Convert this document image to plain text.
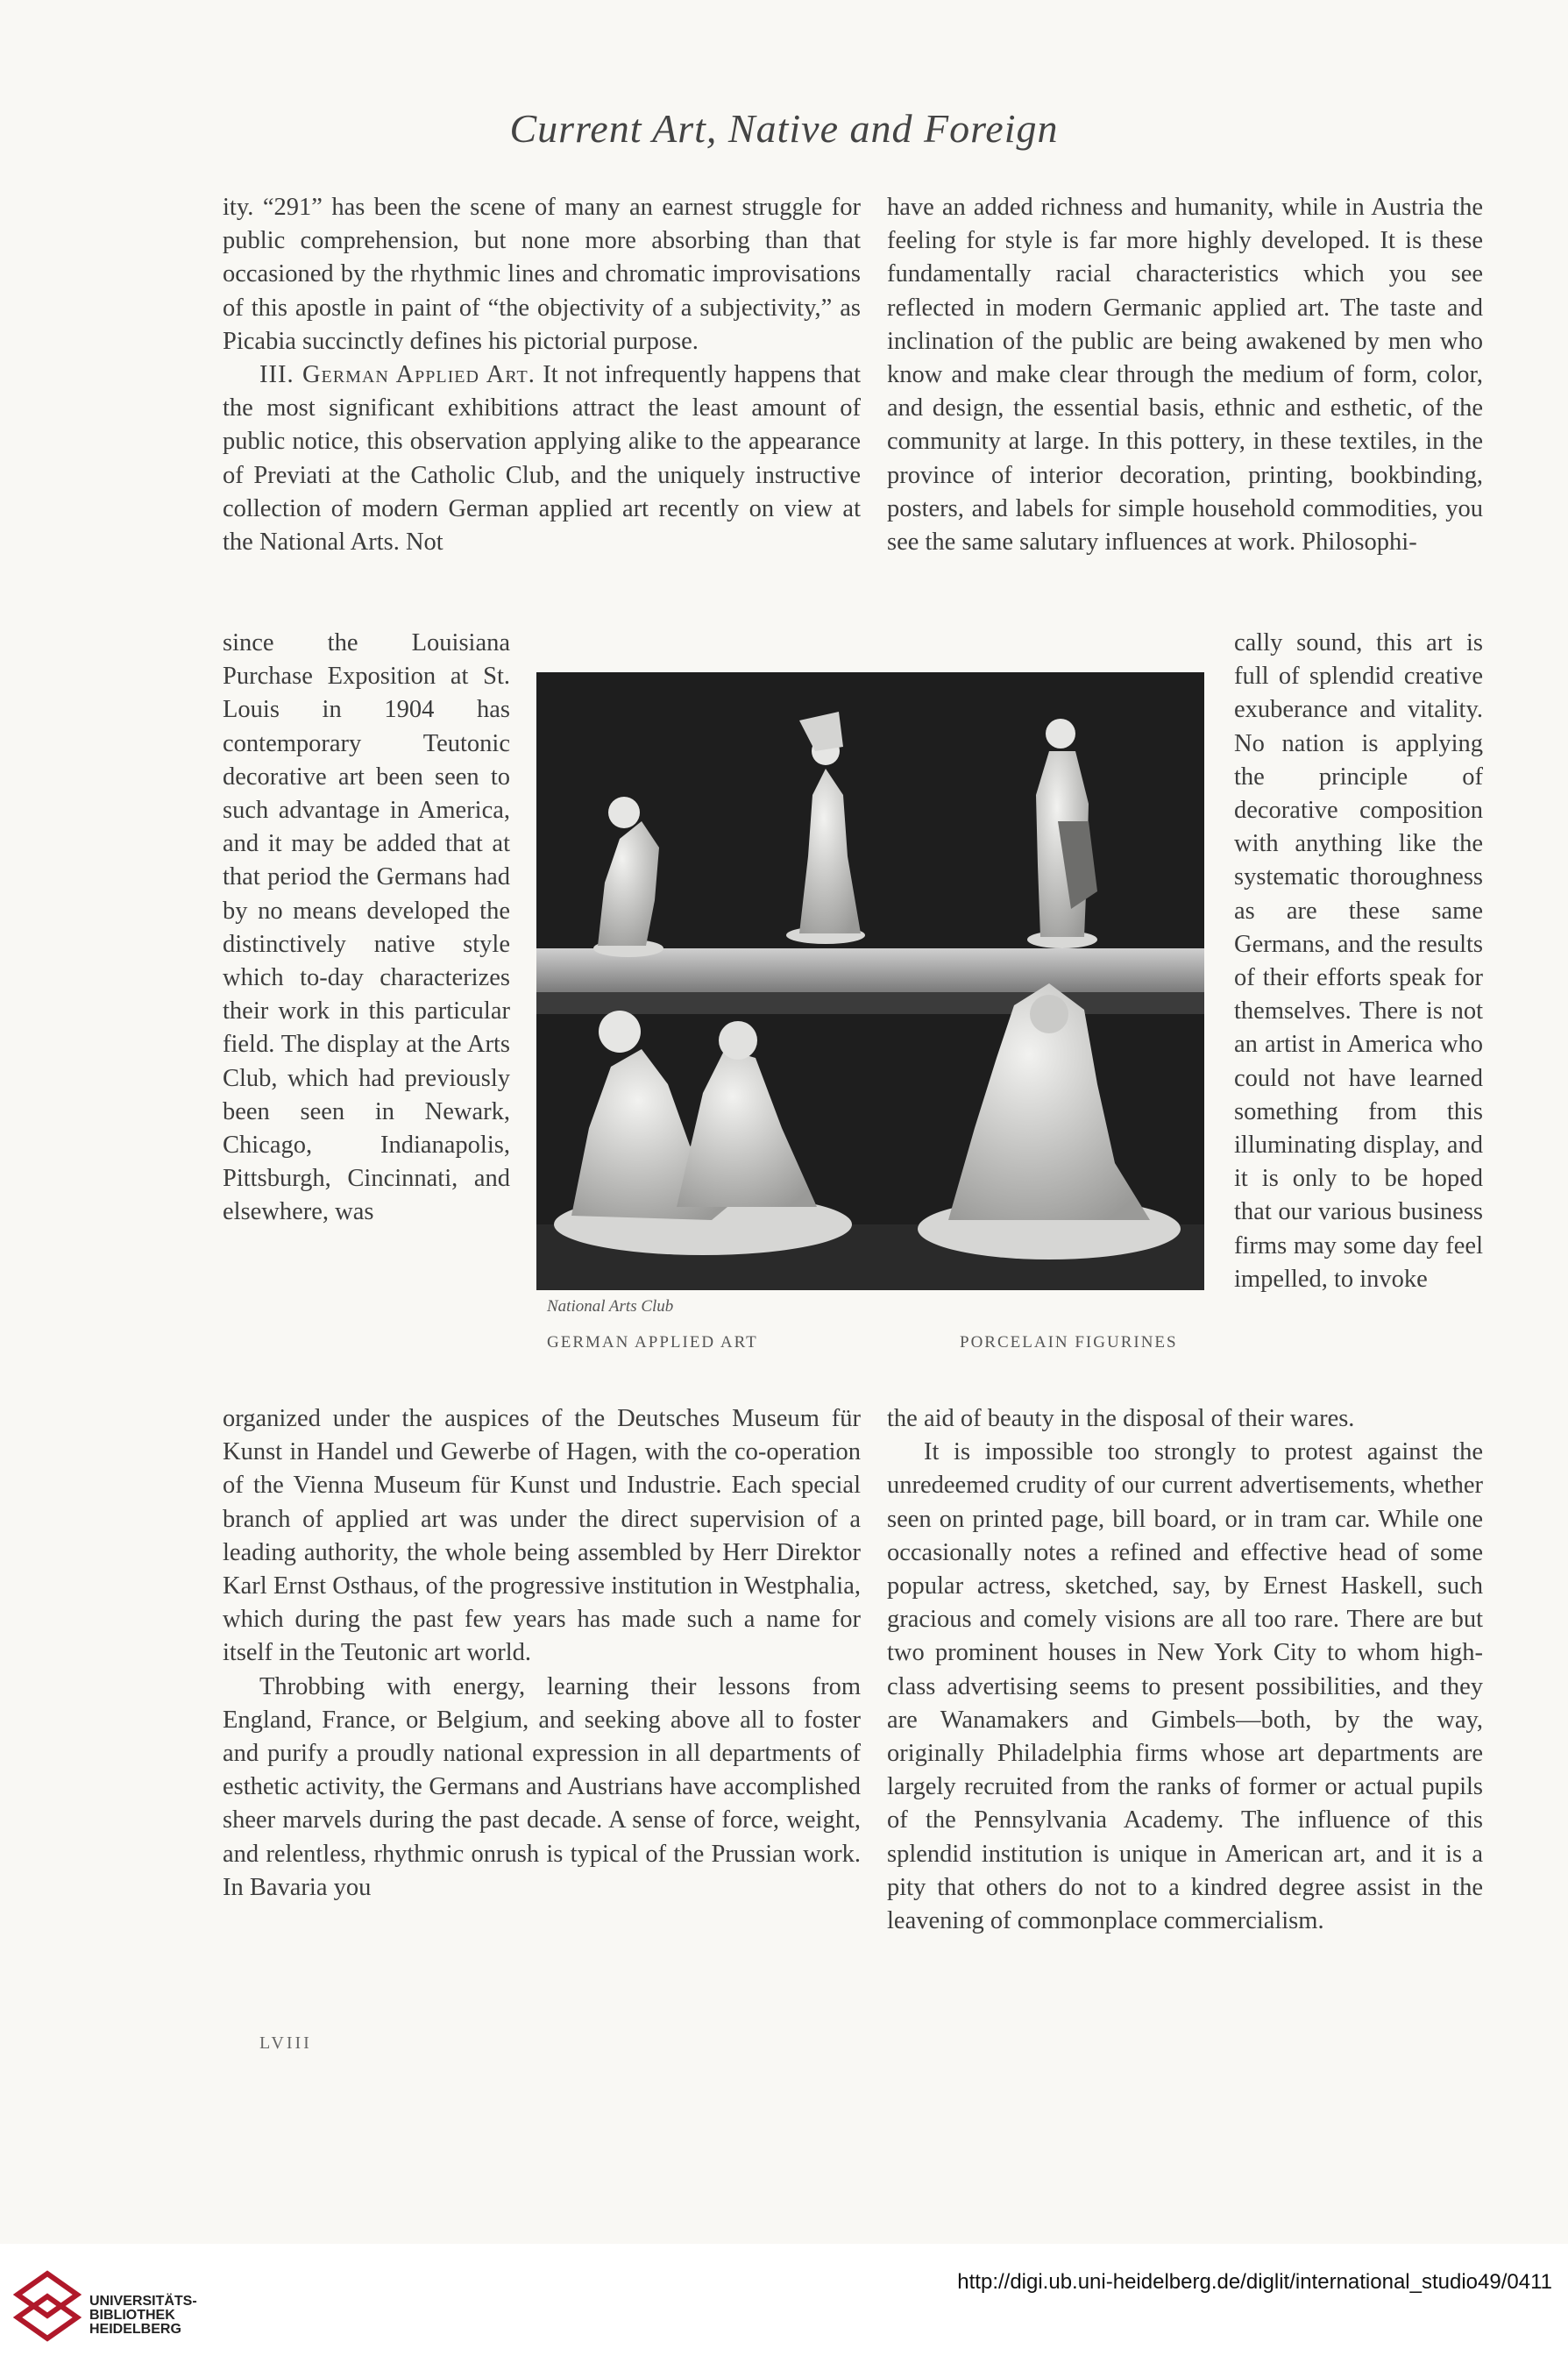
Current Art, Native and Foreign

ity. “291” has been the scene of many an earnest struggle for public comprehension, but none more absorbing than that occasioned by the rhythmic lines and chromatic improvisations of this apostle in paint of “the objectivity of a subjectivity,” as Picabia succinctly defines his pictorial purpose.

III. German Applied Art. It not infrequently happens that the most significant exhibitions attract the least amount of public notice, this observation applying alike to the appearance of Previati at the Catholic Club, and the uniquely instructive collection of modern German applied art recently on view at the National Arts. Not

since the Louisiana Purchase Exposition at St. Louis in 1904 has contemporary Teutonic decorative art been seen to such advantage in America, and it may be added that at that period the Germans had by no means developed the distinctively native style which to-day characterizes their work in this particular field. The display at the Arts Club, which had previously been seen in Newark, Chicago, Indianapolis, Pittsburgh, Cincinnati, and elsewhere, was

have an added richness and humanity, while in Austria the feeling for style is far more highly developed. It is these fundamentally racial characteristics which you see reflected in modern Germanic applied art. The taste and inclination of the public are being awakened by men who know and make clear through the medium of form, color, and design, the essential basis, ethnic and esthetic, of the community at large. In this pottery, in these textiles, in the province of interior decoration, printing, bookbinding, posters, and labels for simple household commodities, you see the same salutary influences at work. Philosophi-

cally sound, this art is full of splendid creative exuberance and vitality. No nation is applying the principle of decorative composition with anything like the systematic thoroughness as are these same Germans, and the results of their efforts speak for themselves. There is not an artist in America who could not have learned something from this illuminating display, and it is only to be hoped that our various business firms may some day feel impelled, to invoke

National Arts Club
GERMAN APPLIED ART	PORCELAIN FIGURINES

organized under the auspices of the Deutsches Museum für Kunst in Handel und Gewerbe of Hagen, with the co-operation of the Vienna Museum für Kunst und Industrie. Each special branch of applied art was under the direct supervision of a leading authority, the whole being assembled by Herr Direktor Karl Ernst Osthaus, of the progressive institution in Westphalia, which during the past few years has made such a name for itself in the Teutonic art world.

Throbbing with energy, learning their lessons from England, France, or Belgium, and seeking above all to foster and purify a proudly national expression in all departments of esthetic activity, the Germans and Austrians have accomplished sheer marvels during the past decade. A sense of force, weight, and relentless, rhythmic onrush is typical of the Prussian work. In Bavaria you

the aid of beauty in the disposal of their wares.

It is impossible too strongly to protest against the unredeemed crudity of our current advertisements, whether seen on printed page, bill board, or in tram car. While one occasionally notes a refined and effective head of some popular actress, sketched, say, by Ernest Haskell, such gracious and comely visions are all too rare. There are but two prominent houses in New York City to whom high-class advertising seems to present possibilities, and they are Wanamakers and Gimbels—both, by the way, originally Philadelphia firms whose art departments are largely recruited from the ranks of former or actual pupils of the Pennsylvania Academy. The influence of this splendid institution is unique in American art, and it is a pity that others do not to a kindred degree assist in the leavening of commonplace commercialism.

LVIII
UNIVERSITÄTS-
BIBLIOTHEK
HEIDELBERG
http://digi.ub.uni-heidelberg.de/diglit/international_studio49/0411
